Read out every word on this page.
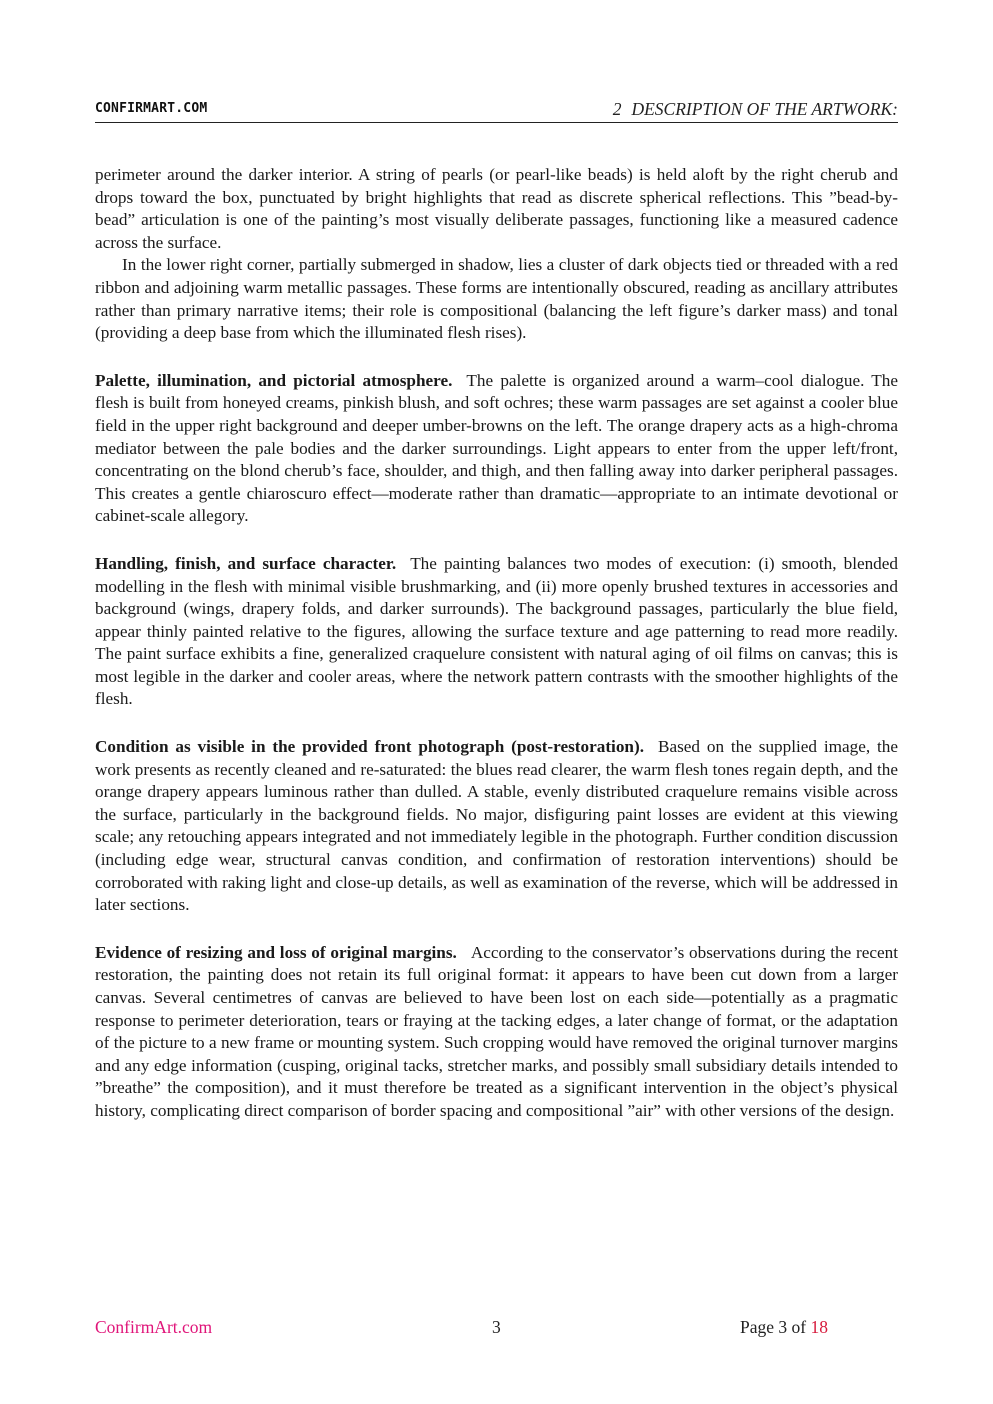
CONFIRMART.COM	2 DESCRIPTION OF THE ARTWORK:

perimeter around the darker interior. A string of pearls (or pearl-like beads) is held aloft by the right cherub and drops toward the box, punctuated by bright highlights that read as discrete spherical reflections. This ”bead-by-bead” articulation is one of the painting’s most visually deliberate passages, functioning like a measured cadence across the surface.

In the lower right corner, partially submerged in shadow, lies a cluster of dark objects tied or threaded with a red ribbon and adjoining warm metallic passages. These forms are intentionally obscured, reading as ancillary attributes rather than primary narrative items; their role is compositional (balancing the left figure’s darker mass) and tonal (providing a deep base from which the illuminated flesh rises).

Palette, illumination, and pictorial atmosphere. The palette is organized around a warm–cool dialogue. The flesh is built from honeyed creams, pinkish blush, and soft ochres; these warm passages are set against a cooler blue field in the upper right background and deeper umber-browns on the left. The orange drapery acts as a high-chroma mediator between the pale bodies and the darker surroundings. Light appears to enter from the upper left/front, concentrating on the blond cherub’s face, shoulder, and thigh, and then falling away into darker peripheral passages. This creates a gentle chiaroscuro effect—moderate rather than dramatic—appropriate to an intimate devotional or cabinet-scale allegory.

Handling, finish, and surface character. The painting balances two modes of execution: (i) smooth, blended modelling in the flesh with minimal visible brushmarking, and (ii) more openly brushed textures in accessories and background (wings, drapery folds, and darker surrounds). The background passages, particularly the blue field, appear thinly painted relative to the figures, allowing the surface texture and age patterning to read more readily. The paint surface exhibits a fine, generalized craquelure consistent with natural aging of oil films on canvas; this is most legible in the darker and cooler areas, where the network pattern contrasts with the smoother highlights of the flesh.

Condition as visible in the provided front photograph (post-restoration). Based on the supplied image, the work presents as recently cleaned and re-saturated: the blues read clearer, the warm flesh tones regain depth, and the orange drapery appears luminous rather than dulled. A stable, evenly distributed craquelure remains visible across the surface, particularly in the background fields. No major, disfiguring paint losses are evident at this viewing scale; any retouching appears integrated and not immediately legible in the photograph. Further condition discussion (including edge wear, structural canvas condition, and confirmation of restoration interventions) should be corroborated with raking light and close-up details, as well as examination of the reverse, which will be addressed in later sections.

Evidence of resizing and loss of original margins. According to the conservator’s observations during the recent restoration, the painting does not retain its full original format: it appears to have been cut down from a larger canvas. Several centimetres of canvas are believed to have been lost on each side—potentially as a pragmatic response to perimeter deterioration, tears or fraying at the tacking edges, a later change of format, or the adaptation of the picture to a new frame or mounting system. Such cropping would have removed the original turnover margins and any edge information (cusping, original tacks, stretcher marks, and possibly small subsidiary details intended to ”breathe” the composition), and it must therefore be treated as a significant intervention in the object’s physical history, complicating direct comparison of border spacing and compositional ”air” with other versions of the design.

ConfirmArt.com	3	Page 3 of 18
